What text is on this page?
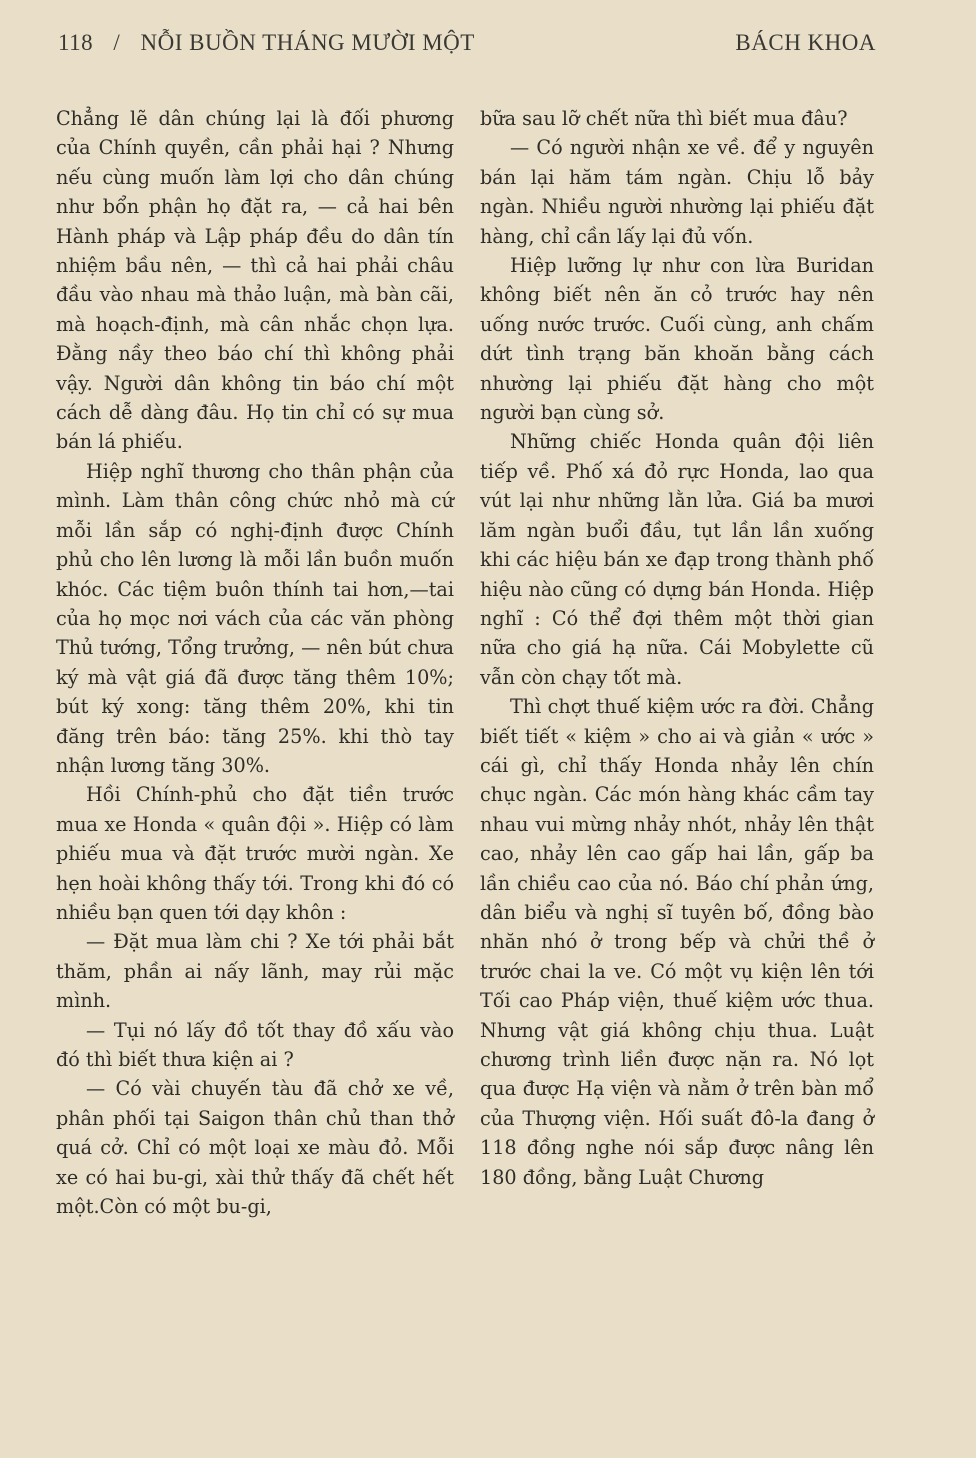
118 / NỖI BUỒN THÁNG MƯỜI MỘT	BÁCH KHOA

Chẳng lẽ dân chúng lại là đối phương của Chính quyền, cần phải hại ? Nhưng nếu cùng muốn làm lợi cho dân chúng như bổn phận họ đặt ra, — cả hai bên Hành pháp và Lập pháp đều do dân tín nhiệm bầu nên, — thì cả hai phải châu đầu vào nhau mà thảo luận, mà bàn cãi, mà hoạch-định, mà cân nhắc chọn lựa. Đằng nầy theo báo chí thì không phải vậy. Người dân không tin báo chí một cách dễ dàng đâu. Họ tin chỉ có sự mua bán lá phiếu.

Hiệp nghĩ thương cho thân phận của mình. Làm thân công chức nhỏ mà cứ mỗi lần sắp có nghị-định được Chính phủ cho lên lương là mỗi lần buồn muốn khóc. Các tiệm buôn thính tai hơn,—tai của họ mọc nơi vách của các văn phòng Thủ tướng, Tổng trưởng, — nên bút chưa ký mà vật giá đã được tăng thêm 10%; bút ký xong: tăng thêm 20%, khi tin đăng trên báo: tăng 25%. khi thò tay nhận lương tăng 30%.

Hồi Chính-phủ cho đặt tiền trước mua xe Honda « quân đội ». Hiệp có làm phiếu mua và đặt trước mười ngàn. Xe hẹn hoài không thấy tới. Trong khi đó có nhiều bạn quen tới dạy khôn :

— Đặt mua làm chi ? Xe tới phải bắt thăm, phần ai nấy lãnh, may rủi mặc mình.

— Tụi nó lấy đồ tốt thay đồ xấu vào đó thì biết thưa kiện ai ?

— Có vài chuyến tàu đã chở xe về, phân phối tại Saigon thân chủ than thở quá cở. Chỉ có một loại xe màu đỏ. Mỗi xe có hai bu-gi, xài thử thấy đã chết hết một.Còn có một bu-gi,

bữa sau lỡ chết nữa thì biết mua đâu?

— Có người nhận xe về. để y nguyên bán lại hăm tám ngàn. Chịu lỗ bảy ngàn. Nhiều người nhường lại phiếu đặt hàng, chỉ cần lấy lại đủ vốn.

Hiệp lưỡng lự như con lừa Buridan không biết nên ăn cỏ trước hay nên uống nước trước. Cuối cùng, anh chấm dứt tình trạng băn khoăn bằng cách nhường lại phiếu đặt hàng cho một người bạn cùng sở.

Những chiếc Honda quân đội liên tiếp về. Phố xá đỏ rực Honda, lao qua vút lại như những lằn lửa. Giá ba mươi lăm ngàn buổi đầu, tụt lần lần xuống khi các hiệu bán xe đạp trong thành phố hiệu nào cũng có dựng bán Honda. Hiệp nghĩ : Có thể đợi thêm một thời gian nữa cho giá hạ nữa. Cái Mobylette cũ vẫn còn chạy tốt mà.

Thì chợt thuế kiệm ước ra đời. Chẳng biết tiết « kiệm » cho ai và giản « ước » cái gì, chỉ thấy Honda nhảy lên chín chục ngàn. Các món hàng khác cầm tay nhau vui mừng nhảy nhót, nhảy lên thật cao, nhảy lên cao gấp hai lần, gấp ba lần chiều cao của nó. Báo chí phản ứng, dân biểu và nghị sĩ tuyên bố, đồng bào nhăn nhó ở trong bếp và chửi thề ở trước chai la ve. Có một vụ kiện lên tới Tối cao Pháp viện, thuế kiệm ước thua. Nhưng vật giá không chịu thua. Luật chương trình liền được nặn ra. Nó lọt qua được Hạ viện và nằm ở trên bàn mổ của Thượng viện. Hối suất đô-la đang ở 118 đồng nghe nói sắp được nâng lên 180 đồng, bằng Luật Chương
